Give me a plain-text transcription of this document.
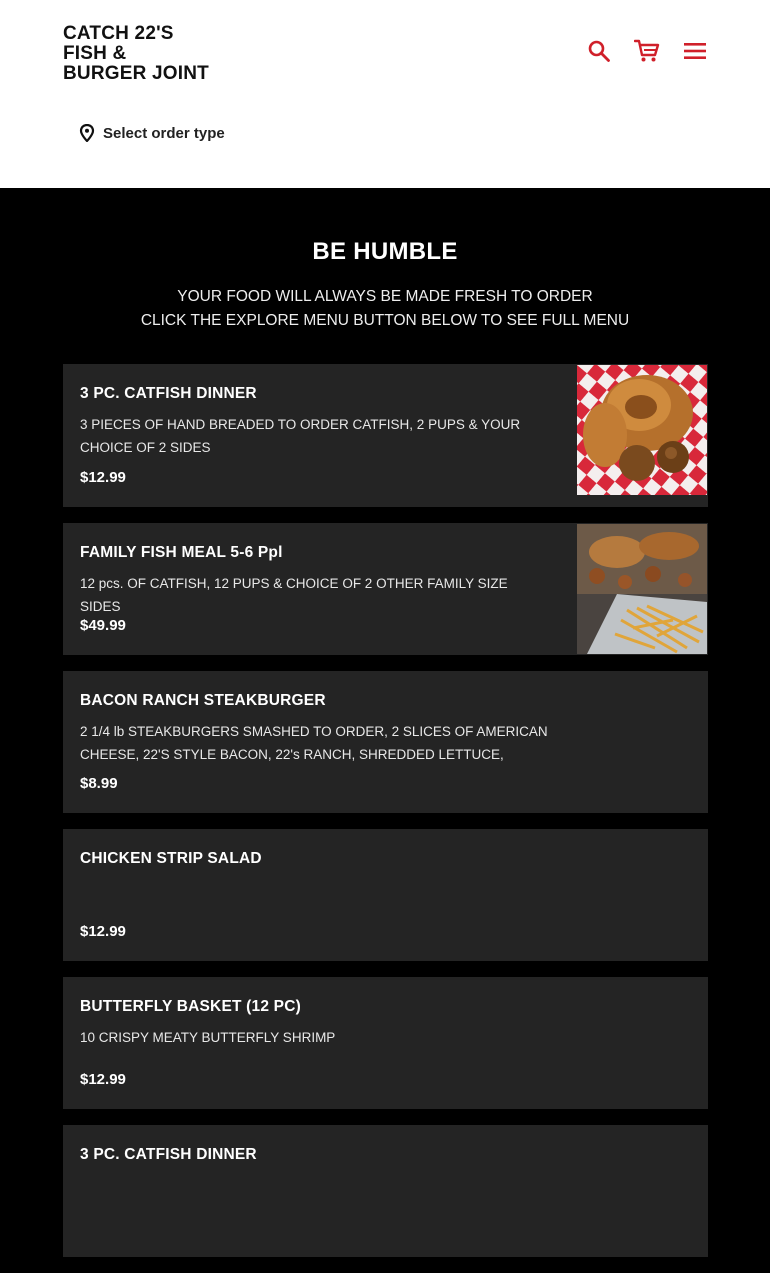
CATCH 22'S
FISH &
BURGER JOINT
Select order type
BE HUMBLE
YOUR FOOD WILL ALWAYS BE MADE FRESH TO ORDER
CLICK THE EXPLORE MENU BUTTON BELOW TO SEE FULL MENU
3 PC. CATFISH DINNER
3 PIECES OF HAND BREADED TO ORDER CATFISH, 2 PUPS & YOUR CHOICE OF 2 SIDES
$12.99
FAMILY FISH MEAL 5-6 Ppl
12 pcs. OF CATFISH, 12 PUPS & CHOICE OF 2 OTHER FAMILY SIZE SIDES
$49.99
BACON RANCH STEAKBURGER
2 1/4 lb STEAKBURGERS SMASHED TO ORDER, 2 SLICES OF AMERICAN CHEESE, 22'S STYLE BACON, 22's RANCH, SHREDDED LETTUCE,
$8.99
CHICKEN STRIP SALAD
$12.99
BUTTERFLY BASKET (12 PC)
10 CRISPY MEATY BUTTERFLY SHRIMP
$12.99
3 PC. CATFISH DINNER
